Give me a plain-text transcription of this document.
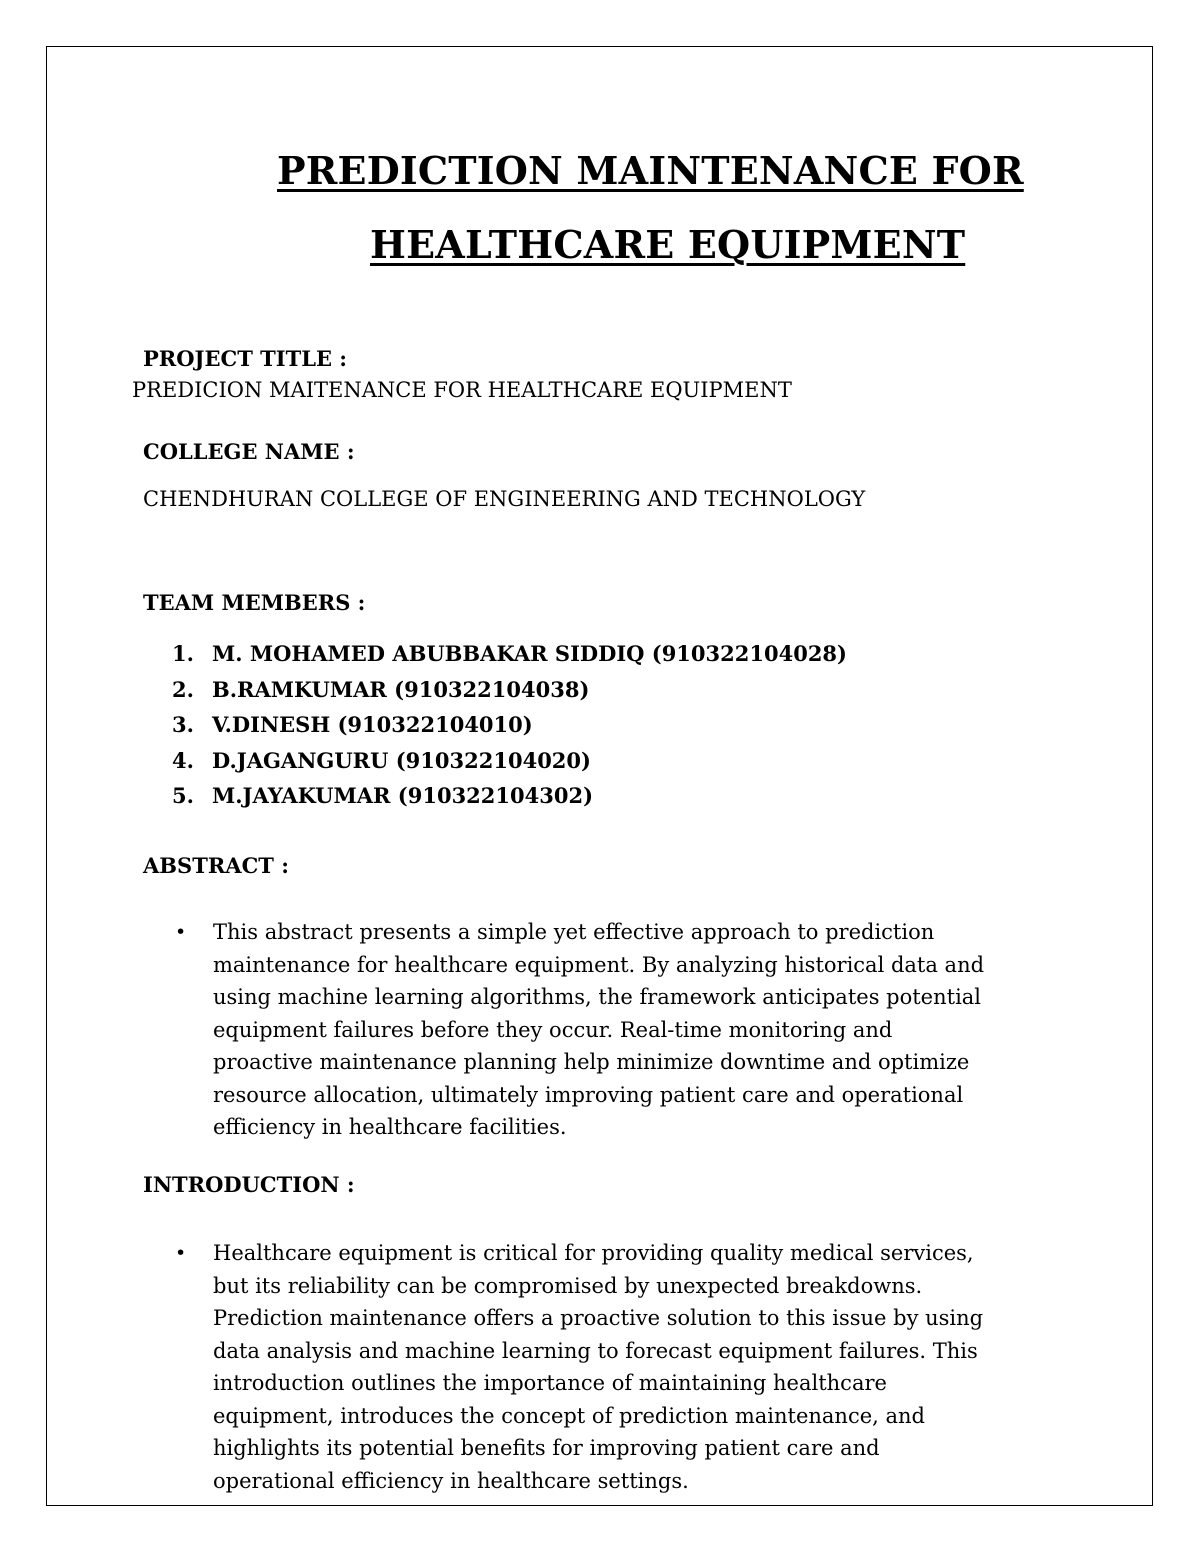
PREDICTION MAINTENANCE FOR
HEALTHCARE EQUIPMENT
PROJECT TITLE :
PREDICION MAITENANCE FOR HEALTHCARE EQUIPMENT
COLLEGE NAME :
CHENDHURAN COLLEGE OF ENGINEERING AND TECHNOLOGY
TEAM MEMBERS :
1. M. MOHAMED ABUBBAKAR SIDDIQ (910322104028)
2. B.RAMKUMAR (910322104038)
3. V.DINESH (910322104010)
4. D.JAGANGURU (910322104020)
5. M.JAYAKUMAR (910322104302)
ABSTRACT :
•	This abstract presents a simple yet effective approach to prediction
maintenance for healthcare equipment. By analyzing historical data and
using machine learning algorithms, the framework anticipates potential
equipment failures before they occur. Real-time monitoring and
proactive maintenance planning help minimize downtime and optimize
resource allocation, ultimately improving patient care and operational
efficiency in healthcare facilities.
INTRODUCTION :
•	Healthcare equipment is critical for providing quality medical services,
but its reliability can be compromised by unexpected breakdowns.
Prediction maintenance offers a proactive solution to this issue by using
data analysis and machine learning to forecast equipment failures. This
introduction outlines the importance of maintaining healthcare
equipment, introduces the concept of prediction maintenance, and
highlights its potential benefits for improving patient care and
operational efficiency in healthcare settings.
